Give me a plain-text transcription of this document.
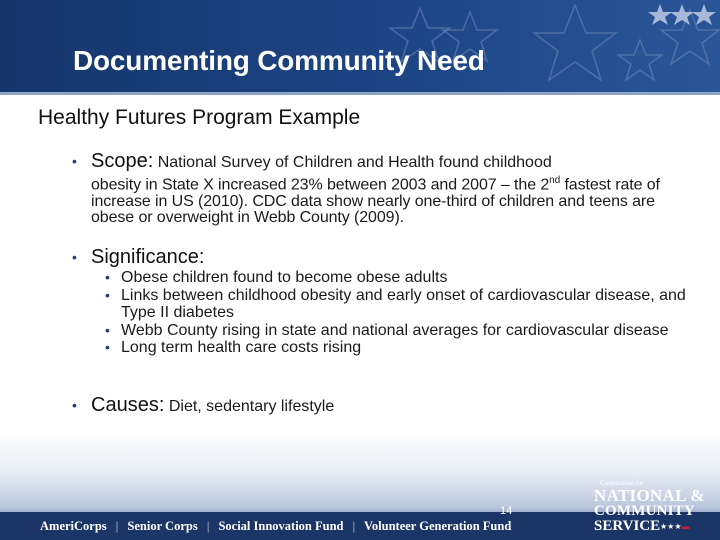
Documenting Community Need
Healthy Futures Program Example
• Scope: National Survey of Children and Health found childhood
obesity in State X increased 23% between 2003 and 2007 – the 2nd fastest rate of increase in US (2010). CDC data show nearly one-third of children and teens are obese or overweight in Webb County (2009).
• Significance:
• Obese children found to become obese adults
• Links between childhood obesity and early onset of cardiovascular disease, and Type II diabetes
• Webb County rising in state and national averages for cardiovascular disease
• Long term health care costs rising
• Causes: Diet, sedentary lifestyle
14
AmeriCorps | Senior Corps | Social Innovation Fund | Volunteer Generation Fund
Corporation for
NATIONAL &
COMMUNITY
SERVICE ★★★▬
